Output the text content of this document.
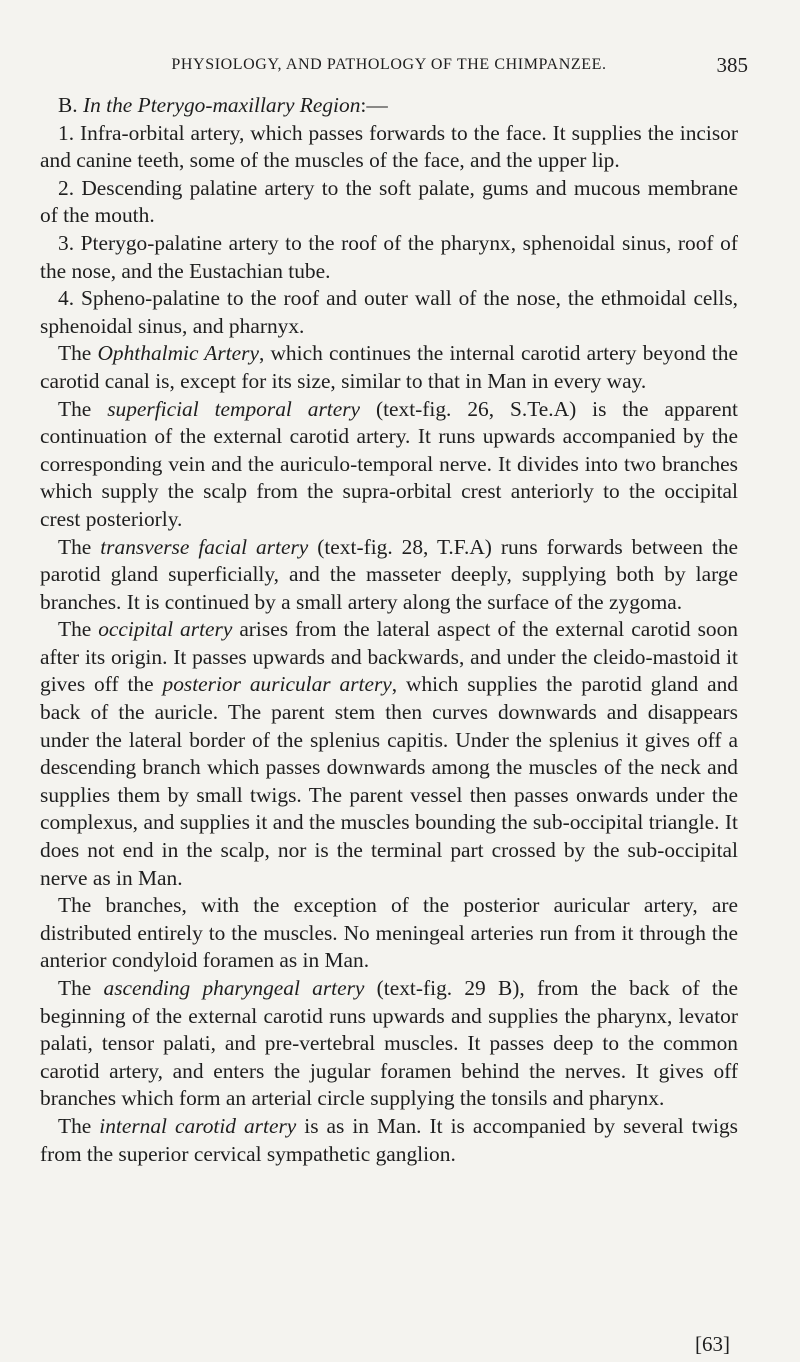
PHYSIOLOGY, AND PATHOLOGY OF THE CHIMPANZEE.	385

B. In the Pterygo-maxillary Region:—

1. Infra-orbital artery, which passes forwards to the face. It supplies the incisor and canine teeth, some of the muscles of the face, and the upper lip.

2. Descending palatine artery to the soft palate, gums and mucous membrane of the mouth.

3. Pterygo-palatine artery to the roof of the pharynx, sphenoidal sinus, roof of the nose, and the Eustachian tube.

4. Spheno-palatine to the roof and outer wall of the nose, the ethmoidal cells, sphenoidal sinus, and pharnyx.

The Ophthalmic Artery, which continues the internal carotid artery beyond the carotid canal is, except for its size, similar to that in Man in every way.

The superficial temporal artery (text-fig. 26, S.Te.A) is the apparent continuation of the external carotid artery. It runs upwards accompanied by the corresponding vein and the auriculo-temporal nerve. It divides into two branches which supply the scalp from the supra-orbital crest anteriorly to the occipital crest posteriorly.

The transverse facial artery (text-fig. 28, T.F.A) runs forwards between the parotid gland superficially, and the masseter deeply, supplying both by large branches. It is continued by a small artery along the surface of the zygoma.

The occipital artery arises from the lateral aspect of the external carotid soon after its origin. It passes upwards and backwards, and under the cleido-mastoid it gives off the posterior auricular artery, which supplies the parotid gland and back of the auricle. The parent stem then curves downwards and disappears under the lateral border of the splenius capitis. Under the splenius it gives off a descending branch which passes downwards among the muscles of the neck and supplies them by small twigs. The parent vessel then passes onwards under the complexus, and supplies it and the muscles bounding the sub-occipital triangle. It does not end in the scalp, nor is the terminal part crossed by the sub-occipital nerve as in Man.

The branches, with the exception of the posterior auricular artery, are distributed entirely to the muscles. No meningeal arteries run from it through the anterior condyloid foramen as in Man.

The ascending pharyngeal artery (text-fig. 29 B), from the back of the beginning of the external carotid runs upwards and supplies the pharynx, levator palati, tensor palati, and pre-vertebral muscles. It passes deep to the common carotid artery, and enters the jugular foramen behind the nerves. It gives off branches which form an arterial circle supplying the tonsils and pharynx.

The internal carotid artery is as in Man. It is accompanied by several twigs from the superior cervical sympathetic ganglion.

[63]
